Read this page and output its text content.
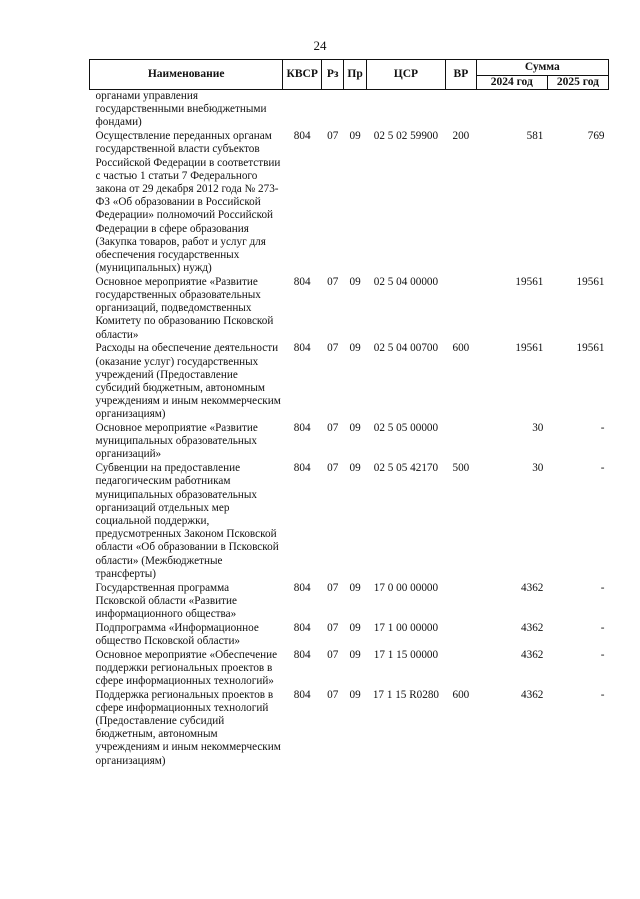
24
Наименование	КВСР	Рз	Пр	ЦСР	ВР	Сумма	
						2024 год	2025 год
органами управления государственными внебюджетными фондами)							
Осуществление переданных органам государственной власти субъектов Российской Федерации в соответствии с частью 1 статьи 7 Федерального закона от 29 декабря 2012 года № 273-ФЗ «Об образовании в Российской Федерации» полномочий Российской Федерации в сфере образования (Закупка товаров, работ и услуг для обеспечения государственных (муниципальных) нужд)	804	07	09	02 5 02 59900	200	581	769
Основное мероприятие «Развитие государственных образовательных организаций, подведомственных Комитету по образованию Псковской области»	804	07	09	02 5 04 00000		19561	19561
Расходы на обеспечение деятельности (оказание услуг) государственных учреждений (Предоставление субсидий бюджетным, автономным учреждениям и иным некоммерческим организациям)	804	07	09	02 5 04 00700	600	19561	19561
Основное мероприятие «Развитие муниципальных образовательных организаций»	804	07	09	02 5 05 00000		30	-
Субвенции на предоставление педагогическим работникам муниципальных образовательных организаций отдельных мер социальной поддержки, предусмотренных Законом Псковской области «Об образовании в Псковской области» (Межбюджетные трансферты)	804	07	09	02 5 05 42170	500	30	-
Государственная программа Псковской области «Развитие информационного общества»	804	07	09	17 0 00 00000		4362	-
Подпрограмма «Информационное общество Псковской области»	804	07	09	17 1 00 00000		4362	-
Основное мероприятие «Обеспечение поддержки региональных проектов в сфере информационных технологий»	804	07	09	17 1 15 00000		4362	-
Поддержка региональных проектов в сфере информационных технологий (Предоставление субсидий бюджетным, автономным учреждениям и иным некоммерческим организациям)	804	07	09	17 1 15 R0280	600	4362	-
